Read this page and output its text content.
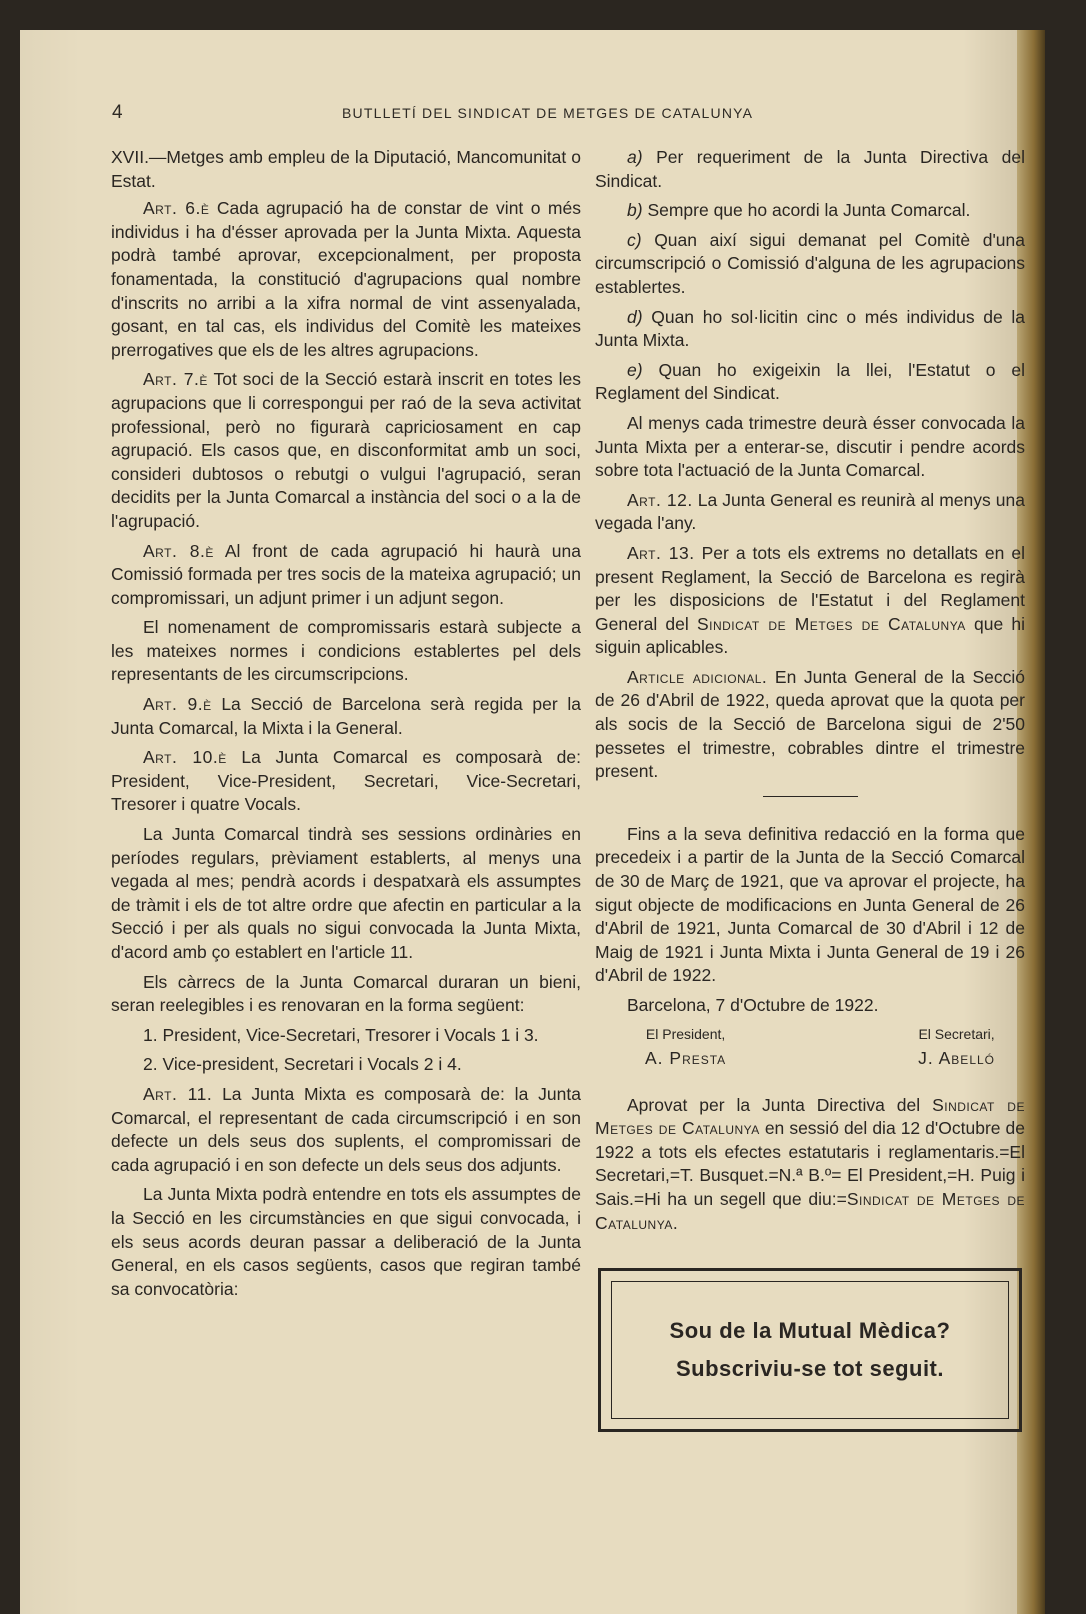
4	BUTLLETÍ DEL SINDICAT DE METGES DE CATALUNYA

XVII.—Metges amb empleu de la Diputació, Mancomunitat o Estat.

Art. 6.è Cada agrupació ha de constar de vint o més individus i ha d'ésser aprovada per la Junta Mixta. Aquesta podrà també aprovar, excepcionalment, per proposta fonamentada, la constitució d'agrupacions qual nombre d'inscrits no arribi a la xifra normal de vint assenyalada, gosant, en tal cas, els individus del Comitè les mateixes prerrogatives que els de les altres agrupacions.

Art. 7.è Tot soci de la Secció estarà inscrit en totes les agrupacions que li correspongui per raó de la seva activitat professional, però no figurarà capriciosament en cap agrupació. Els casos que, en disconformitat amb un soci, consideri dubtosos o rebutgi o vulgui l'agrupació, seran decidits per la Junta Comarcal a instància del soci o a la de l'agrupació.

Art. 8.è Al front de cada agrupació hi haurà una Comissió formada per tres socis de la mateixa agrupació; un compromissari, un adjunt primer i un adjunt segon.

El nomenament de compromissaris estarà subjecte a les mateixes normes i condicions establertes pel dels representants de les circumscripcions.

Art. 9.è La Secció de Barcelona serà regida per la Junta Comarcal, la Mixta i la General.

Art. 10.è La Junta Comarcal es composarà de: President, Vice-President, Secretari, Vice-Secretari, Tresorer i quatre Vocals.

La Junta Comarcal tindrà ses sessions ordinàries en períodes regulars, prèviament establerts, al menys una vegada al mes; pendrà acords i despatxarà els assumptes de tràmit i els de tot altre ordre que afectin en particular a la Secció i per als quals no sigui convocada la Junta Mixta, d'acord amb ço establert en l'article 11.

Els càrrecs de la Junta Comarcal duraran un bieni, seran reelegibles i es renovaran en la forma següent:

1. President, Vice-Secretari, Tresorer i Vocals 1 i 3.

2. Vice-president, Secretari i Vocals 2 i 4.

Art. 11. La Junta Mixta es composarà de: la Junta Comarcal, el representant de cada circumscripció i en son defecte un dels seus dos suplents, el compromissari de cada agrupació i en son defecte un dels seus dos adjunts.

La Junta Mixta podrà entendre en tots els assumptes de la Secció en les circumstàncies en que sigui convocada, i els seus acords deuran passar a deliberació de la Junta General, en els casos següents, casos que regiran també sa convocatòria:

a) Per requeriment de la Junta Directiva del Sindicat.

b) Sempre que ho acordi la Junta Comarcal.

c) Quan així sigui demanat pel Comitè d'una circumscripció o Comissió d'alguna de les agrupacions establertes.

d) Quan ho sol·licitin cinc o més individus de la Junta Mixta.

e) Quan ho exigeixin la llei, l'Estatut o el Reglament del Sindicat.

Al menys cada trimestre deurà ésser convocada la Junta Mixta per a enterar-se, discutir i pendre acords sobre tota l'actuació de la Junta Comarcal.

Art. 12. La Junta General es reunirà al menys una vegada l'any.

Art. 13. Per a tots els extrems no detallats en el present Reglament, la Secció de Barcelona es regirà per les disposicions de l'Estatut i del Reglament General del Sindicat de Metges de Catalunya que hi siguin aplicables.

Article adicional. En Junta General de la Secció de 26 d'Abril de 1922, queda aprovat que la quota per als socis de la Secció de Barcelona sigui de 2'50 pessetes el trimestre, cobrables dintre el trimestre present.

Fins a la seva definitiva redacció en la forma que precedeix i a partir de la Junta de la Secció Comarcal de 30 de Març de 1921, que va aprovar el projecte, ha sigut objecte de modificacions en Junta General de 26 d'Abril de 1921, Junta Comarcal de 30 d'Abril i 12 de Maig de 1921 i Junta Mixta i Junta General de 19 i 26 d'Abril de 1922.

Barcelona, 7 d'Octubre de 1922.

El President,
A. Presta
El Secretari,
J. Abelló

Aprovat per la Junta Directiva del Sindicat de Metges de Catalunya en sessió del dia 12 d'Octubre de 1922 a tots els efectes estatutaris i reglamentaris.=El Secretari,=T. Busquet.=N.ª B.º= El President,=H. Puig i Sais.=Hi ha un segell que diu:=Sindicat de Metges de Catalunya.

Sou de la Mutual Mèdica?
Subscriviu-se tot seguit.
